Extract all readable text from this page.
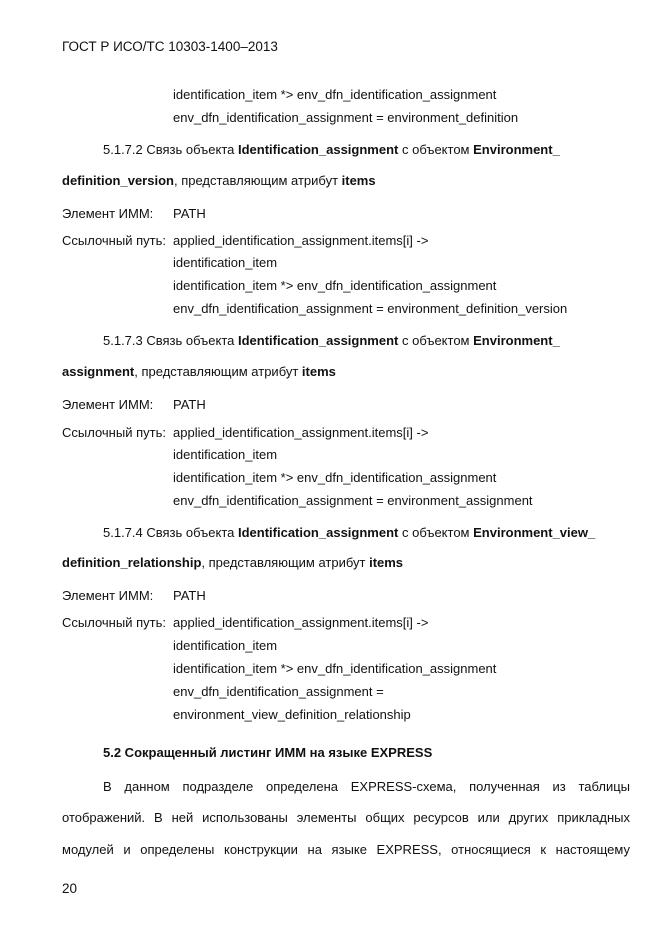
ГОСТ Р ИСО/ТС 10303-1400–2013
identification_item *> env_dfn_identification_assignment
env_dfn_identification_assignment = environment_definition
5.1.7.2 Связь объекта Identification_assignment с объектом Environment_
definition_version, представляющим атрибут items
Элемент ИММ: PATH
Ссылочный путь: applied_identification_assignment.items[i] ->
identification_item
identification_item *> env_dfn_identification_assignment
env_dfn_identification_assignment = environment_definition_version
5.1.7.3 Связь объекта Identification_assignment с объектом Environment_
assignment, представляющим атрибут items
Элемент ИММ: PATH
Ссылочный путь: applied_identification_assignment.items[i] ->
identification_item
identification_item *> env_dfn_identification_assignment
env_dfn_identification_assignment = environment_assignment
5.1.7.4 Связь объекта Identification_assignment с объектом Environment_view_
definition_relationship, представляющим атрибут items
Элемент ИММ: PATH
Ссылочный путь: applied_identification_assignment.items[i] ->
identification_item
identification_item *> env_dfn_identification_assignment
env_dfn_identification_assignment =
environment_view_definition_relationship
5.2 Сокращенный листинг ИММ на языке EXPRESS
В данном подразделе определена EXPRESS-схема, полученная из таблицы
отображений. В ней использованы элементы общих ресурсов или других прикладных
модулей и определены конструкции на языке EXPRESS, относящиеся к настоящему
20
